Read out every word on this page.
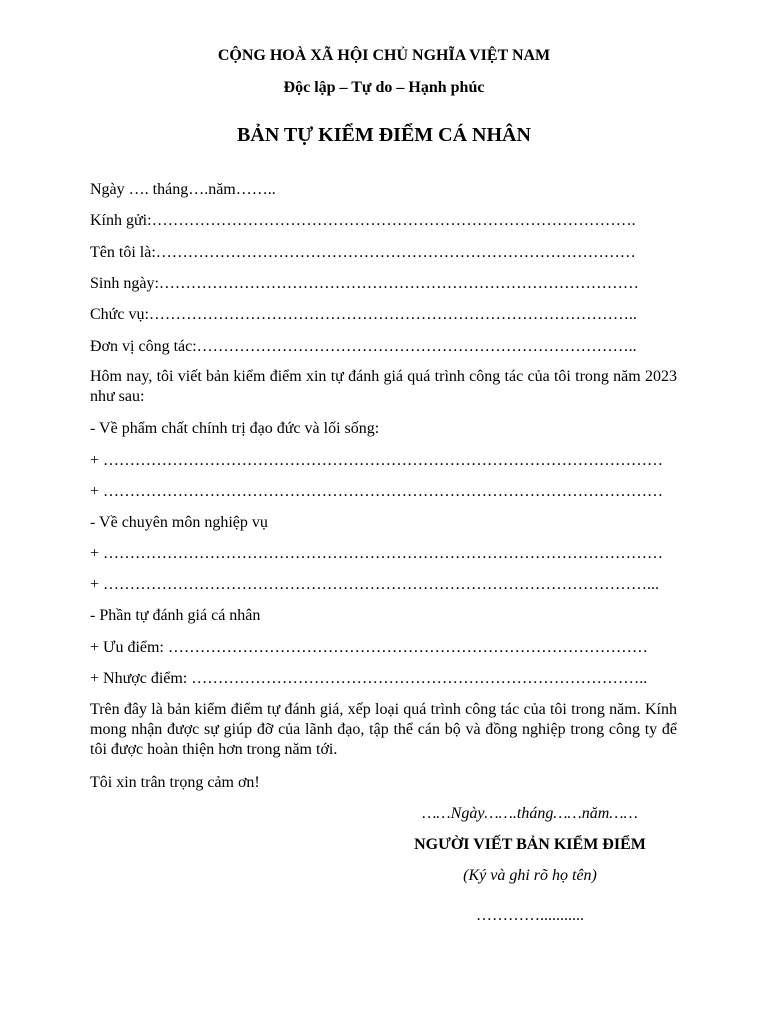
CỘNG HOÀ XÃ HỘI CHỦ NGHĨA VIỆT NAM
Độc lập – Tự do – Hạnh phúc
BẢN TỰ KIỂM ĐIỂM CÁ NHÂN
Ngày …. tháng….năm……..
Kính gửi:……………………………………………………………………………….
Tên tôi là:………………………………………………………………………………
Sinh ngày:………………………………………………………………………………
Chức vụ:………………………………………………………………………………..
Đơn vị công tác:………………………………………………………………………..
Hôm nay, tôi viết bản kiểm điểm xin tự đánh giá quá trình công tác của tôi trong năm 2023 như sau:
- Về phẩm chất chính trị đạo đức và lối sống:
+ ……………………………………………………………………………………………
+ ……………………………………………………………………………………………
- Về chuyên môn nghiệp vụ
+ ……………………………………………………………………………………………
+ …………………………………………………………………………………………...
- Phần tự đánh giá cá nhân
+ Ưu điểm: ………………………………………………………………………………
+ Nhược điểm: …………………………………………………………………………..
Trên đây là bản kiểm điểm tự đánh giá, xếp loại quá trình công tác của tôi trong năm. Kính mong nhận được sự giúp đỡ của lãnh đạo, tập thể cán bộ và đồng nghiệp trong công ty để tôi được hoàn thiện hơn trong năm tới.
Tôi xin trân trọng cảm ơn!
……Ngày…….tháng……năm……
NGƯỜI VIẾT BẢN KIỂM ĐIỂM
(Ký và ghi rõ họ tên)
…………...........
